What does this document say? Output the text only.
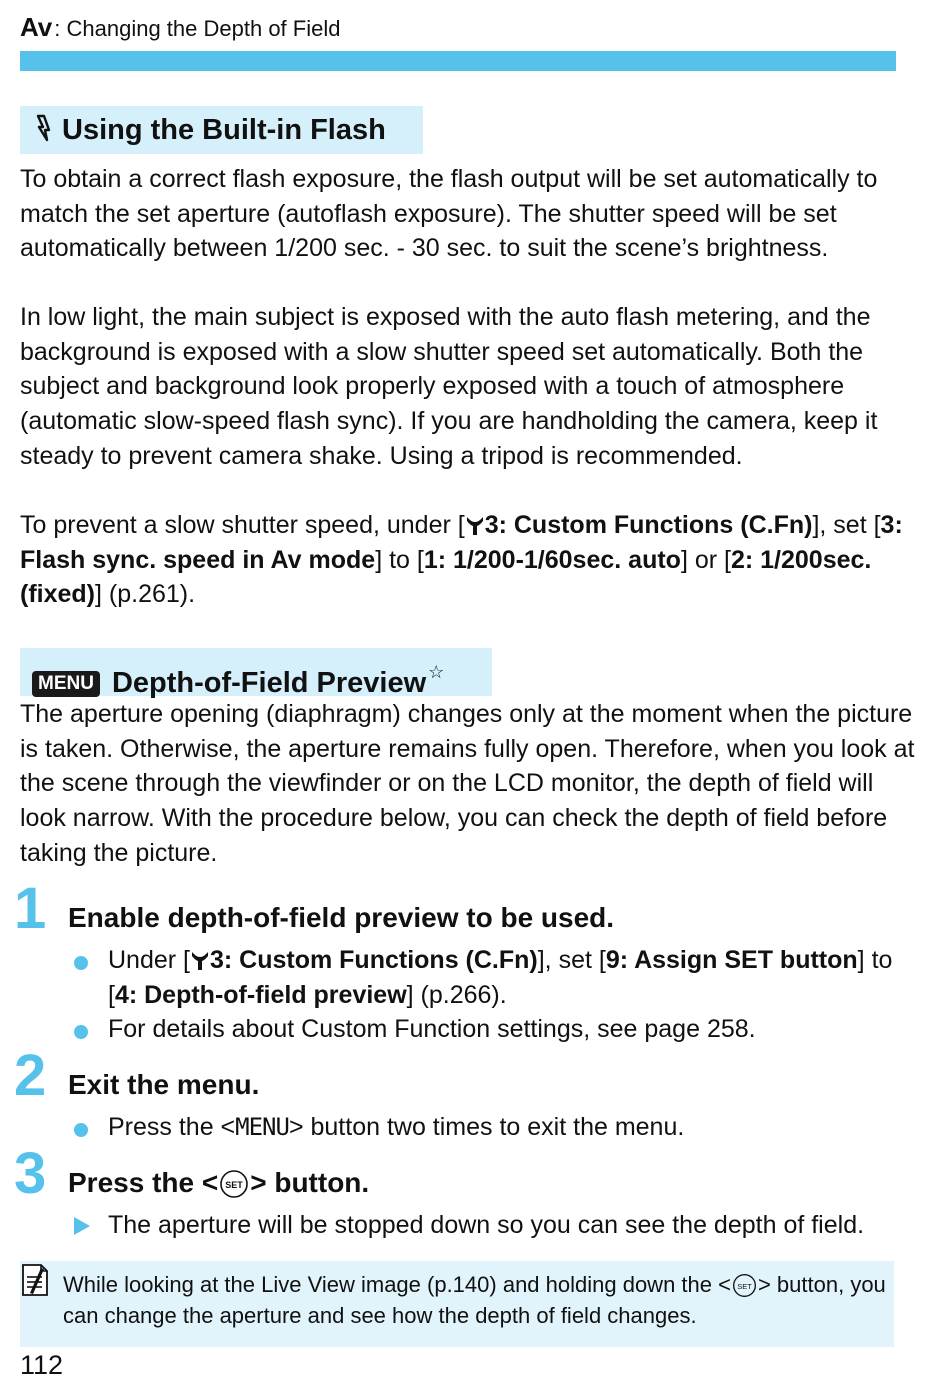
Av: Changing the Depth of Field
Using the Built-in Flash

To obtain a correct flash exposure, the flash output will be set automatically to match the set aperture (autoflash exposure). The shutter speed will be set automatically between 1/200 sec. - 30 sec. to suit the scene’s brightness.

In low light, the main subject is exposed with the auto flash metering, and the background is exposed with a slow shutter speed set automatically. Both the subject and background look properly exposed with a touch of atmosphere (automatic slow-speed flash sync). If you are handholding the camera, keep it steady to prevent camera shake. Using a tripod is recommended.

To prevent a slow shutter speed, under [ 3: Custom Functions (C.Fn)], set [3: Flash sync. speed in Av mode] to [1: 1/200-1/60sec. auto] or [2: 1/200sec. (fixed)] (p.261).

MENU Depth-of-Field Preview ☆

The aperture opening (diaphragm) changes only at the moment when the picture is taken. Otherwise, the aperture remains fully open. Therefore, when you look at the scene through the viewfinder or on the LCD monitor, the depth of field will look narrow. With the procedure below, you can check the depth of field before taking the picture.

1 Enable depth-of-field preview to be used.
Under [ 3: Custom Functions (C.Fn)], set [9: Assign SET button] to [4: Depth-of-field preview] (p.266).
For details about Custom Function settings, see page 258.
2 Exit the menu.
Press the <MENU> button two times to exit the menu.
3 Press the < SET > button.
The aperture will be stopped down so you can see the depth of field.
While looking at the Live View image (p.140) and holding down the < SET > button, you can change the aperture and see how the depth of field changes.
112
